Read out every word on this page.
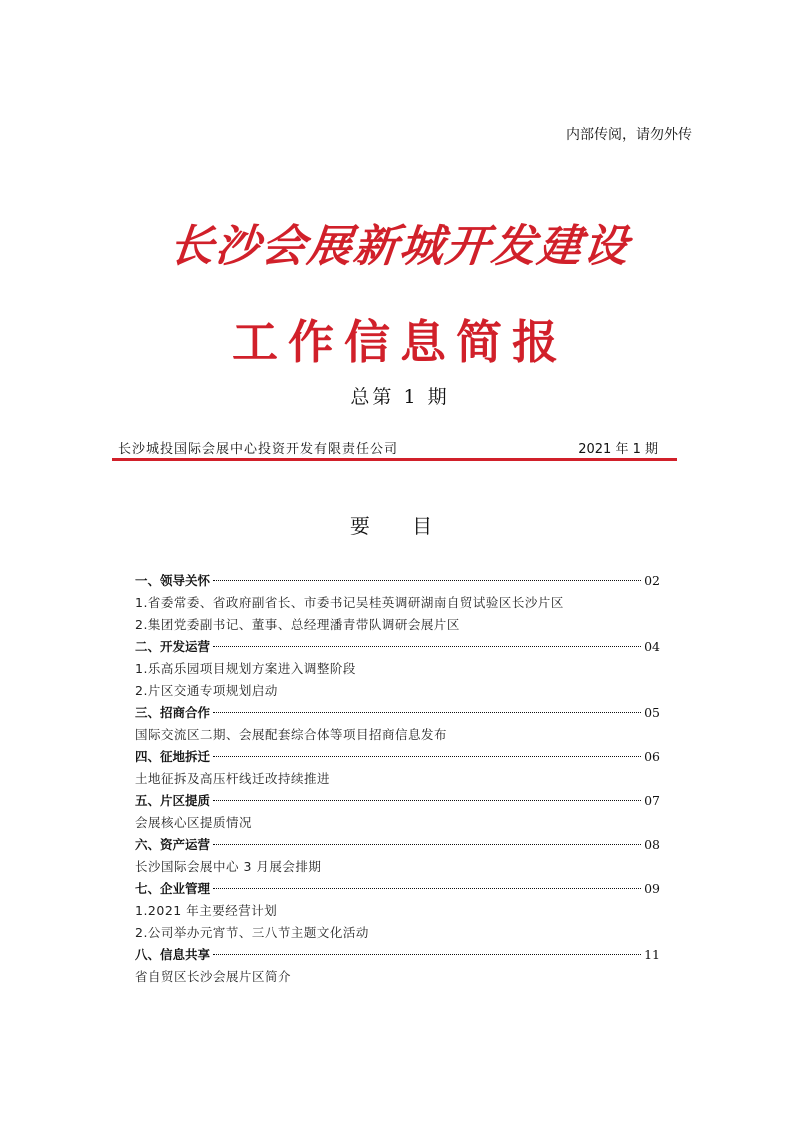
内部传阅，请勿外传
长沙会展新城开发建设
工作信息简报
总第 1 期
长沙城投国际会展中心投资开发有限责任公司	2021 年 1 期
要 目
一、领导关怀	02
1.省委常委、省政府副省长、市委书记吴桂英调研湖南自贸试验区长沙片区
2.集团党委副书记、董事、总经理潘青带队调研会展片区
二、开发运营	04
1.乐高乐园项目规划方案进入调整阶段
2.片区交通专项规划启动
三、招商合作	05
国际交流区二期、会展配套综合体等项目招商信息发布
四、征地拆迁	06
土地征拆及高压杆线迁改持续推进
五、片区提质	07
会展核心区提质情况
六、资产运营	08
长沙国际会展中心 3 月展会排期
七、企业管理	09
1.2021 年主要经营计划
2.公司举办元宵节、三八节主题文化活动
八、信息共享	11
省自贸区长沙会展片区简介
